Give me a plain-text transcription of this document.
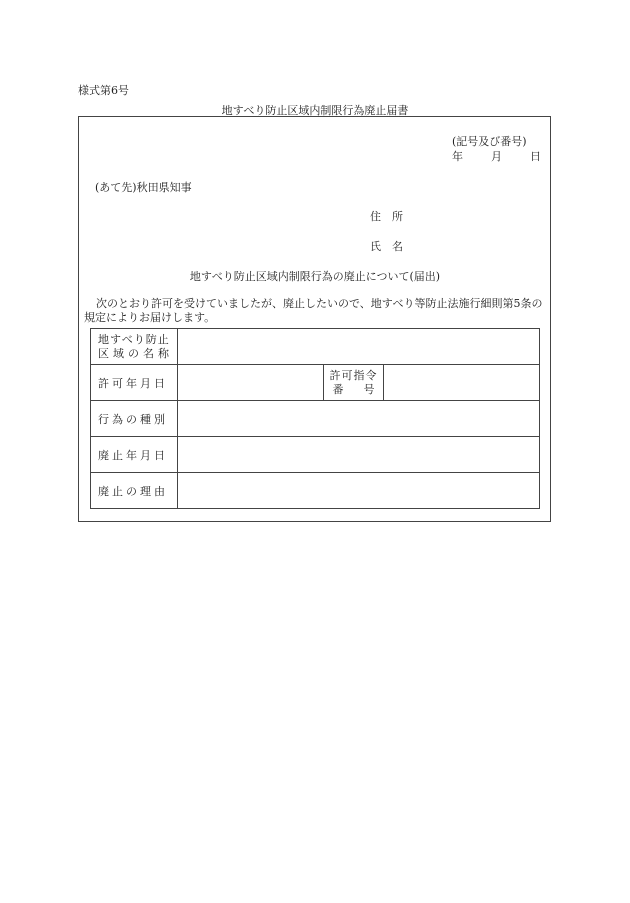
様式第6号
地すべり防止区域内制限行為廃止届書
(記号及び番号)
年	月	日
(あて先)秋田県知事
住　所
氏　名
地すべり防止区域内制限行為の廃止について(届出)
次のとおり許可を受けていましたが、廃止したいので、地すべり等防止法施行細則第5条の規定によりお届けします。
地すべり防止
区域の名称			

許可年月日		許可指令
番 号	

行為の種別			
廃止年月日			
廃止の理由			
